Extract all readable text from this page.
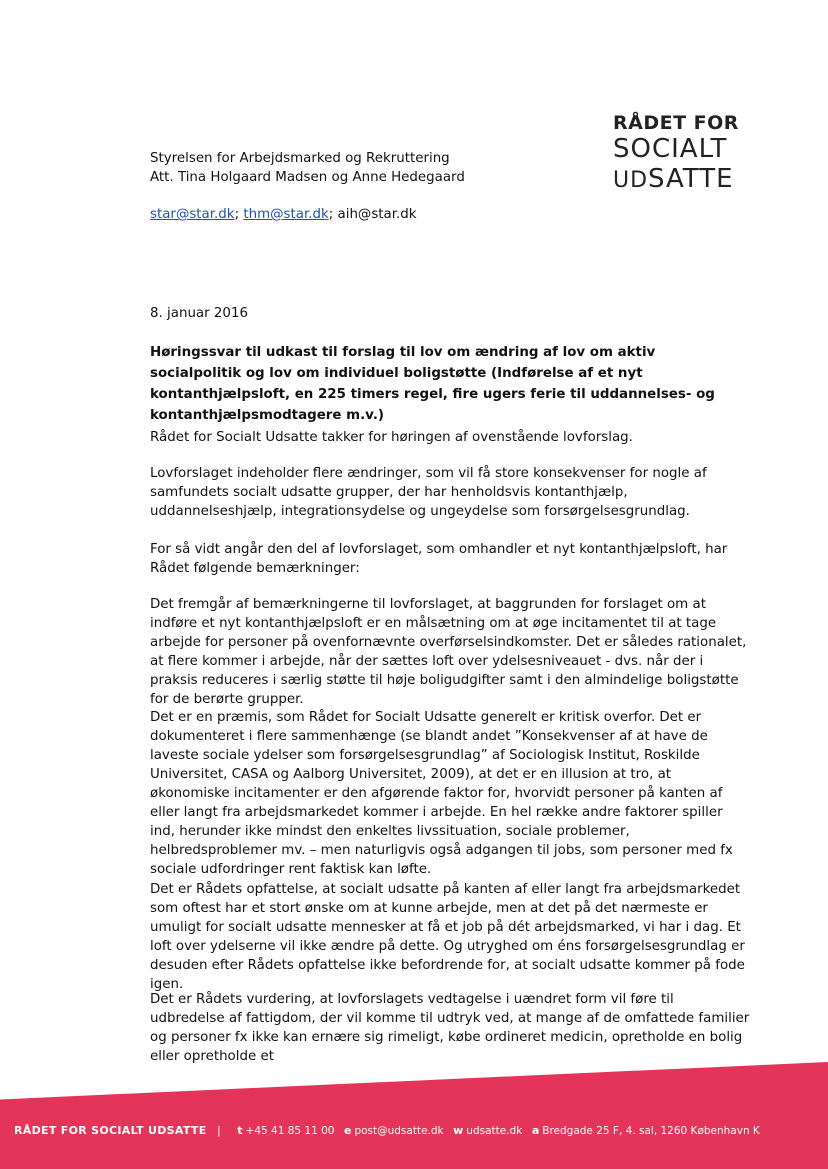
RÅDET FOR
SOCIALT
UDSATTE
Styrelsen for Arbejdsmarked og Rekruttering
Att. Tina Holgaard Madsen og Anne Hedegaard
star@star.dk; thm@star.dk; aih@star.dk
8. januar 2016
Høringssvar til udkast til forslag til lov om ændring af lov om aktiv socialpolitik og lov om individuel boligstøtte (Indførelse af et nyt kontanthjælpsloft, en 225 timers regel, fire ugers ferie til uddannelses- og kontanthjælpsmodtagere m.v.)
Rådet for Socialt Udsatte takker for høringen af ovenstående lovforslag.
Lovforslaget indeholder flere ændringer, som vil få store konsekvenser for nogle af samfundets socialt udsatte grupper, der har henholdsvis kontanthjælp, uddannelseshjælp, integrationsydelse og ungeydelse som forsørgelsesgrundlag.
For så vidt angår den del af lovforslaget, som omhandler et nyt kontanthjælpsloft, har Rådet følgende bemærkninger:
Det fremgår af bemærkningerne til lovforslaget, at baggrunden for forslaget om at indføre et nyt kontanthjælpsloft er en målsætning om at øge incitamentet til at tage arbejde for personer på ovenfornævnte overførselsindkomster. Det er således rationalet, at flere kommer i arbejde, når der sættes loft over ydelsesniveauet - dvs. når der i praksis reduceres i særlig støtte til høje boligudgifter samt i den almindelige boligstøtte for de berørte grupper.
Det er en præmis, som Rådet for Socialt Udsatte generelt er kritisk overfor. Det er dokumenteret i flere sammenhænge (se blandt andet ”Konsekvenser af at have de laveste sociale ydelser som forsørgelsesgrundlag” af Sociologisk Institut, Roskilde Universitet, CASA og Aalborg Universitet, 2009), at det er en illusion at tro, at økonomiske incitamenter er den afgørende faktor for, hvorvidt personer på kanten af eller langt fra arbejdsmarkedet kommer i arbejde. En hel række andre faktorer spiller ind, herunder ikke mindst den enkeltes livssituation, sociale problemer, helbredsproblemer mv. – men naturligvis også adgangen til jobs, som personer med fx sociale udfordringer rent faktisk kan løfte.
Det er Rådets opfattelse, at socialt udsatte på kanten af eller langt fra arbejdsmarkedet som oftest har et stort ønske om at kunne arbejde, men at det på det nærmeste er umuligt for socialt udsatte mennesker at få et job på dét arbejdsmarked, vi har i dag. Et loft over ydelserne vil ikke ændre på dette. Og utryghed om éns forsørgelsesgrundlag er desuden efter Rådets opfattelse ikke befordrende for, at socialt udsatte kommer på fode igen.
Det er Rådets vurdering, at lovforslagets vedtagelse i uændret form vil føre til udbredelse af fattigdom, der vil komme til udtryk ved, at mange af de omfattede familier og personer fx ikke kan ernære sig rimeligt, købe ordineret medicin, opretholde en bolig eller opretholde et
RÅDET FOR SOCIALT UDSATTE | t +45 41 85 11 00 e post@udsatte.dk w udsatte.dk a Bredgade 25 F, 4. sal, 1260 København K
